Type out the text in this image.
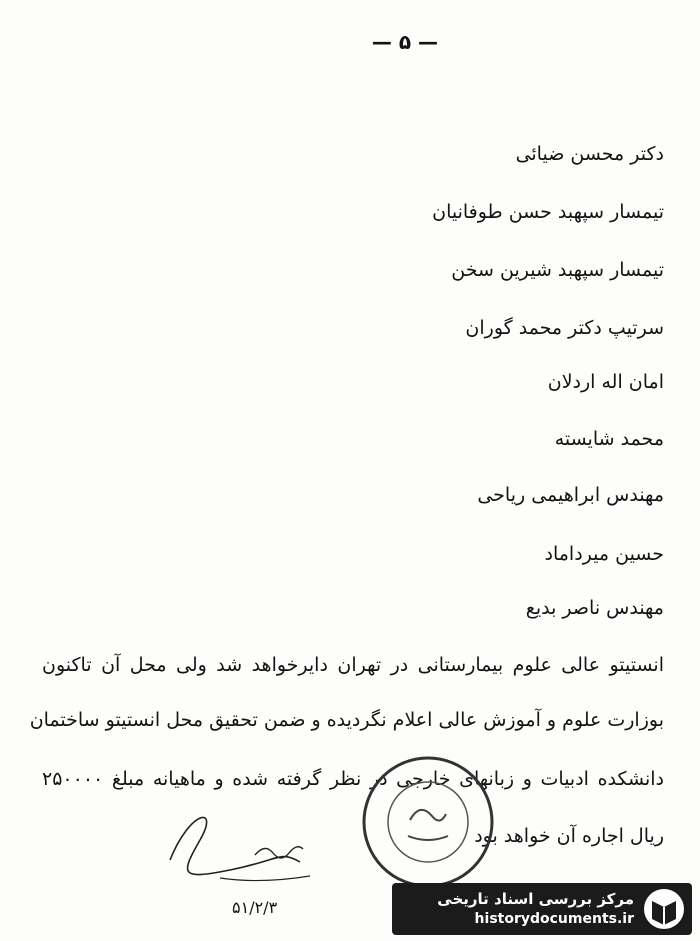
— ۵ —
دکتر محسن ضیائی
تیمسار سپهبد حسن طوفانیان
تیمسار سپهبد شیرین سخن
سرتیپ دکتر محمد گوران
امان اله اردلان
محمد شایسته
مهندس ابراهیمی ریاحی
حسین میرداماد
مهندس ناصر بدیع
انستیتو عالی علوم بیمارستانی در تهران دایرخواهد شد ولی محل آن تاکنون
بوزارت علوم و آموزش عالی اعلام نگردیده و ضمن تحقیق محل انستیتو ساختمان
دانشکده ادبیات و زبانهای خارجی در نظر گرفته شده و ماهیانه مبلغ ۲۵۰۰۰۰
ریال اجاره آن خواهد بود
۵۱/۲/۳	مرکز بررسی اسناد تاریخی
historydocuments.ir
